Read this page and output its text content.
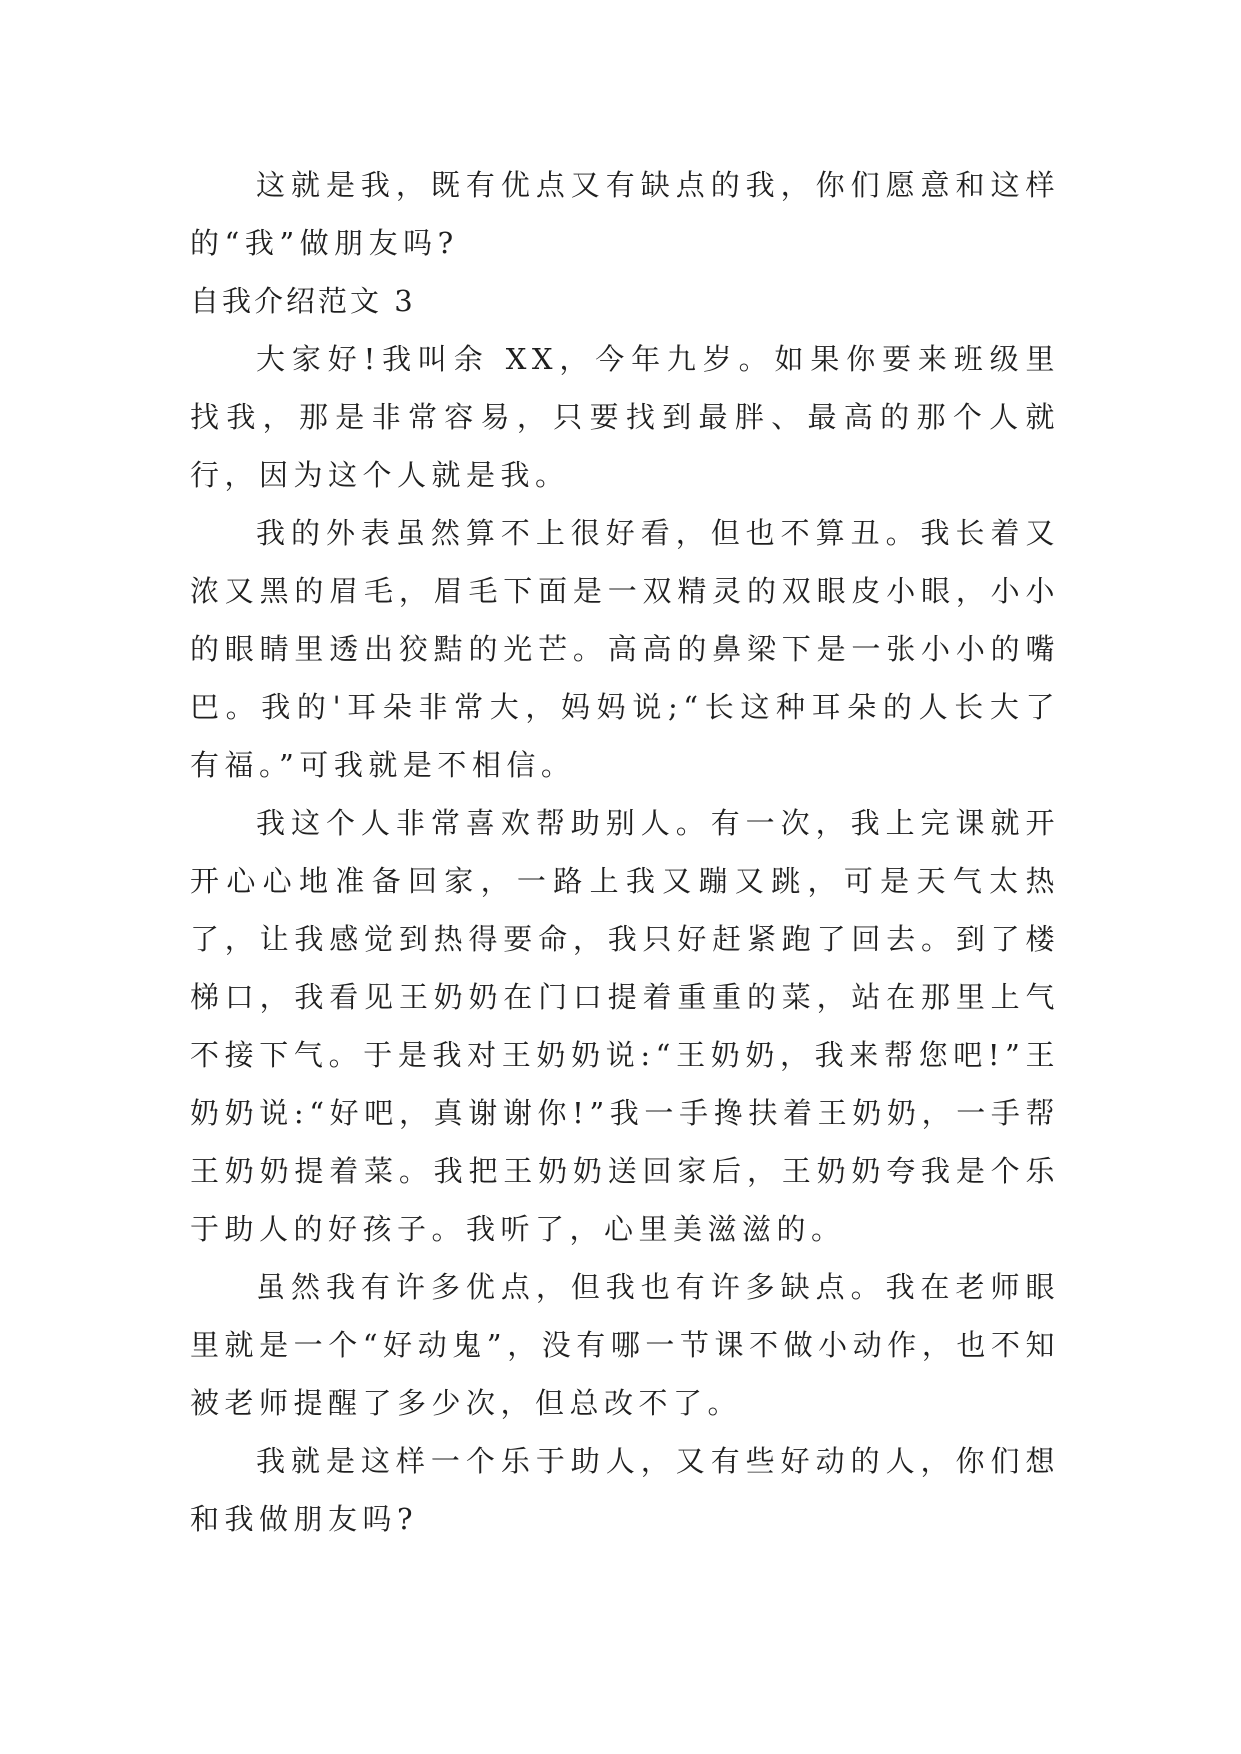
这就是我，既有优点又有缺点的我，你们愿意和这样的“我”做朋友吗?

自我介绍范文 3

大家好!我叫余 XX，今年九岁。如果你要来班级里找我，那是非常容易，只要找到最胖、最高的那个人就行，因为这个人就是我。

我的外表虽然算不上很好看，但也不算丑。我长着又浓又黑的眉毛，眉毛下面是一双精灵的双眼皮小眼，小小的眼睛里透出狡黠的光芒。高高的鼻梁下是一张小小的嘴巴。我的'耳朵非常大，妈妈说;“长这种耳朵的人长大了有福。”可我就是不相信。

我这个人非常喜欢帮助别人。有一次，我上完课就开开心心地准备回家，一路上我又蹦又跳，可是天气太热了，让我感觉到热得要命，我只好赶紧跑了回去。到了楼梯口，我看见王奶奶在门口提着重重的菜，站在那里上气不接下气。于是我对王奶奶说:“王奶奶，我来帮您吧!”王奶奶说:“好吧，真谢谢你!”我一手搀扶着王奶奶，一手帮王奶奶提着菜。我把王奶奶送回家后，王奶奶夸我是个乐于助人的好孩子。我听了，心里美滋滋的。

虽然我有许多优点，但我也有许多缺点。我在老师眼里就是一个“好动鬼”，没有哪一节课不做小动作，也不知被老师提醒了多少次，但总改不了。

我就是这样一个乐于助人，又有些好动的人，你们想和我做朋友吗?
